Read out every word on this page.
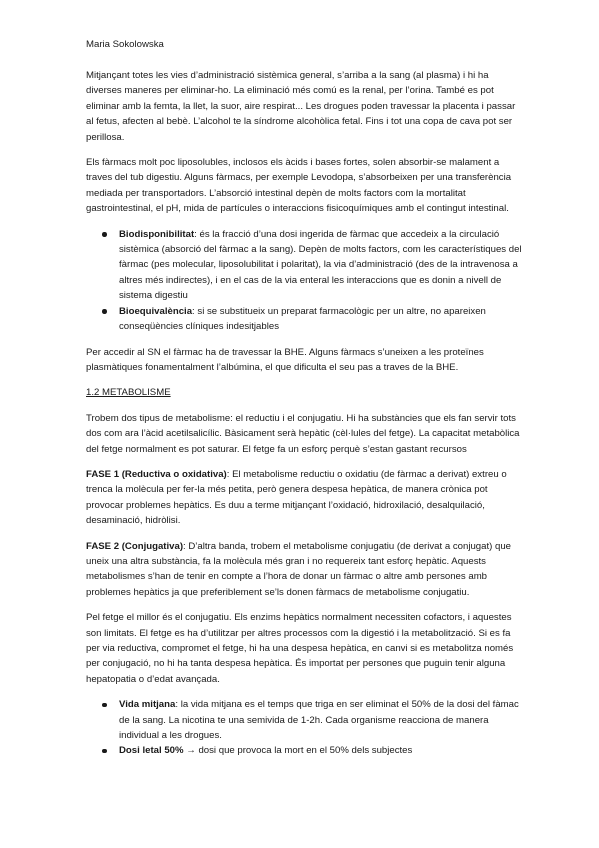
Maria Sokolowska

Mitjançant totes les vies d’administració sistèmica general, s’arriba a la sang (al plasma) i hi ha diverses maneres per eliminar-ho. La eliminació més comú es la renal, per l’orina. També es pot eliminar amb la femta, la llet, la suor, aire respirat... Les drogues poden travessar la placenta i passar al fetus, afecten al bebè. L’alcohol te la síndrome alcohòlica fetal. Fins i tot una copa de cava pot ser perillosa.

Els fàrmacs molt poc liposolubles, inclosos els àcids i bases fortes, solen absorbir-se malament a traves del tub digestiu. Alguns fàrmacs, per exemple Levodopa, s’absorbeixen per una transferència mediada per transportadors. L’absorció intestinal depèn de molts factors com la mortalitat gastrointestinal, el pH, mida de partícules o interaccions fisicoquímiques amb el contingut intestinal.

Biodisponibilitat: és la fracció d’una dosi ingerida de fàrmac que accedeix a la circulació sistèmica (absorció del fàrmac a la sang). Depèn de molts factors, com les característiques del fàrmac (pes molecular, liposolubilitat i polaritat), la via d’administració (des de la intravenosa a altres més indirectes), i en el cas de la via enteral les interaccions que es donin a nivell de sistema digestiu
Bioequivalència: si se substitueix un preparat farmacològic per un altre, no apareixen conseqüències clíniques indesitjables

Per accedir al SN el fàrmac ha de travessar la BHE. Alguns fàrmacs s’uneixen a les proteïnes plasmàtiques fonamentalment l’albúmina, el que dificulta el seu pas a traves de la BHE.

1.2 METABOLISME

Trobem dos tipus de metabolisme: el reductiu i el conjugatiu. Hi ha substàncies que els fan servir tots dos com ara l’àcid acetilsalicílic. Bàsicament serà hepàtic (cèl·lules del fetge). La capacitat metabòlica del fetge normalment es pot saturar. El fetge fa un esforç perquè s’estan gastant recursos

FASE 1 (Reductiva o oxidativa): El metabolisme reductiu o oxidatiu (de fàrmac a derivat) extreu o trenca la molècula per fer-la més petita, però genera despesa hepàtica, de manera crònica pot provocar problemes hepàtics. Es duu a terme mitjançant l’oxidació, hidroxilació, desalquilació, desaminació, hidròlisi.

FASE 2 (Conjugativa): D’altra banda, trobem el metabolisme conjugatiu (de derivat a conjugat) que uneix una altra substància, fa la molècula més gran i no requereix tant esforç hepàtic. Aquests metabolismes s’han de tenir en compte a l’hora de donar un fàrmac o altre amb persones amb problemes hepàtics ja que preferiblement se’ls donen fàrmacs de metabolisme conjugatiu.

Pel fetge el millor és el conjugatiu. Els enzims hepàtics normalment necessiten cofactors, i aquestes son limitats. El fetge es ha d’utilitzar per altres processos com la digestió i la metabolització. Si es fa per via reductiva, compromet el fetge, hi ha una despesa hepàtica, en canvi si es metabolitza només per conjugació, no hi ha tanta despesa hepàtica. És importat per persones que puguin tenir alguna hepatopatia o d’edat avançada.

Vida mitjana: la vida mitjana es el temps que triga en ser eliminat el 50% de la dosi del fàmac de la sang. La nicotina te una semivida de 1-2h. Cada organisme reacciona de manera individual a les drogues.
Dosi letal 50% → dosi que provoca la mort en el 50% dels subjectes
